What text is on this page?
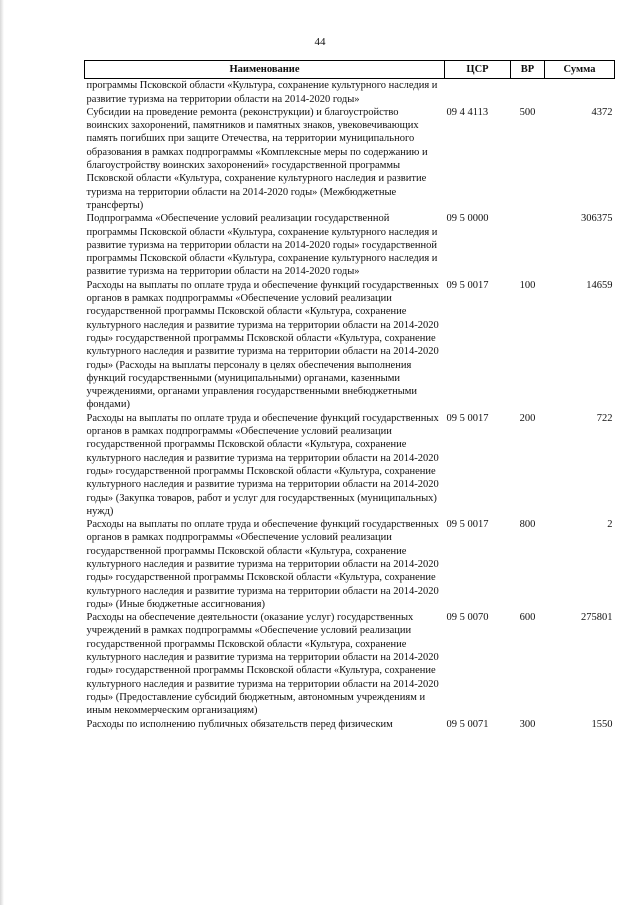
44
Наименование	ЦСР	ВР	Сумма
программы Псковской области «Культура, сохранение культурного наследия и развитие туризма на территории области на 2014-2020 годы»			
Субсидии на проведение ремонта (реконструкции) и благоустройство воинских захоронений, памятников и памятных знаков, увековечивающих память погибших при защите Отечества, на территории муниципального образования в рамках подпрограммы «Комплексные меры по содержанию и благоустройству воинских захоронений» государственной программы Псковской области «Культура, сохранение культурного наследия и развитие туризма на территории области на 2014-2020 годы» (Межбюджетные трансферты)	09 4 4113	500	4372
Подпрограмма «Обеспечение условий реализации государственной программы Псковской области «Культура, сохранение культурного наследия и развитие туризма на территории области на 2014-2020 годы» государственной программы Псковской области «Культура, сохранение культурного наследия и развитие туризма на территории области на 2014-2020 годы»	09 5 0000		306375
Расходы на выплаты по оплате труда и обеспечение функций государственных органов в рамках подпрограммы «Обеспечение условий реализации государственной программы Псковской области «Культура, сохранение культурного наследия и развитие туризма на территории области на 2014-2020 годы» государственной программы Псковской области «Культура, сохранение культурного наследия и развитие туризма на территории области на 2014-2020 годы» (Расходы на выплаты персоналу в целях обеспечения выполнения функций государственными (муниципальными) органами, казенными учреждениями, органами управления государственными внебюджетными фондами)	09 5 0017	100	14659
Расходы на выплаты по оплате труда и обеспечение функций государственных органов в рамках подпрограммы «Обеспечение условий реализации государственной программы Псковской области «Культура, сохранение культурного наследия и развитие туризма на территории области на 2014-2020 годы» государственной программы Псковской области «Культура, сохранение культурного наследия и развитие туризма на территории области на 2014-2020 годы» (Закупка товаров, работ и услуг для государственных (муниципальных) нужд)	09 5 0017	200	722
Расходы на выплаты по оплате труда и обеспечение функций государственных органов в рамках подпрограммы «Обеспечение условий реализации государственной программы Псковской области «Культура, сохранение культурного наследия и развитие туризма на территории области на 2014-2020 годы» государственной программы Псковской области «Культура, сохранение культурного наследия и развитие туризма на территории области на 2014-2020 годы» (Иные бюджетные ассигнования)	09 5 0017	800	2
Расходы на обеспечение деятельности (оказание услуг) государственных учреждений в рамках подпрограммы «Обеспечение условий реализации государственной программы Псковской области «Культура, сохранение культурного наследия и развитие туризма на территории области на 2014-2020 годы» государственной программы Псковской области «Культура, сохранение культурного наследия и развитие туризма на территории области на 2014-2020 годы» (Предоставление субсидий бюджетным, автономным учреждениям и иным некоммерческим организациям)	09 5 0070	600	275801
Расходы по исполнению публичных обязательств перед физическим	09 5 0071	300	1550
